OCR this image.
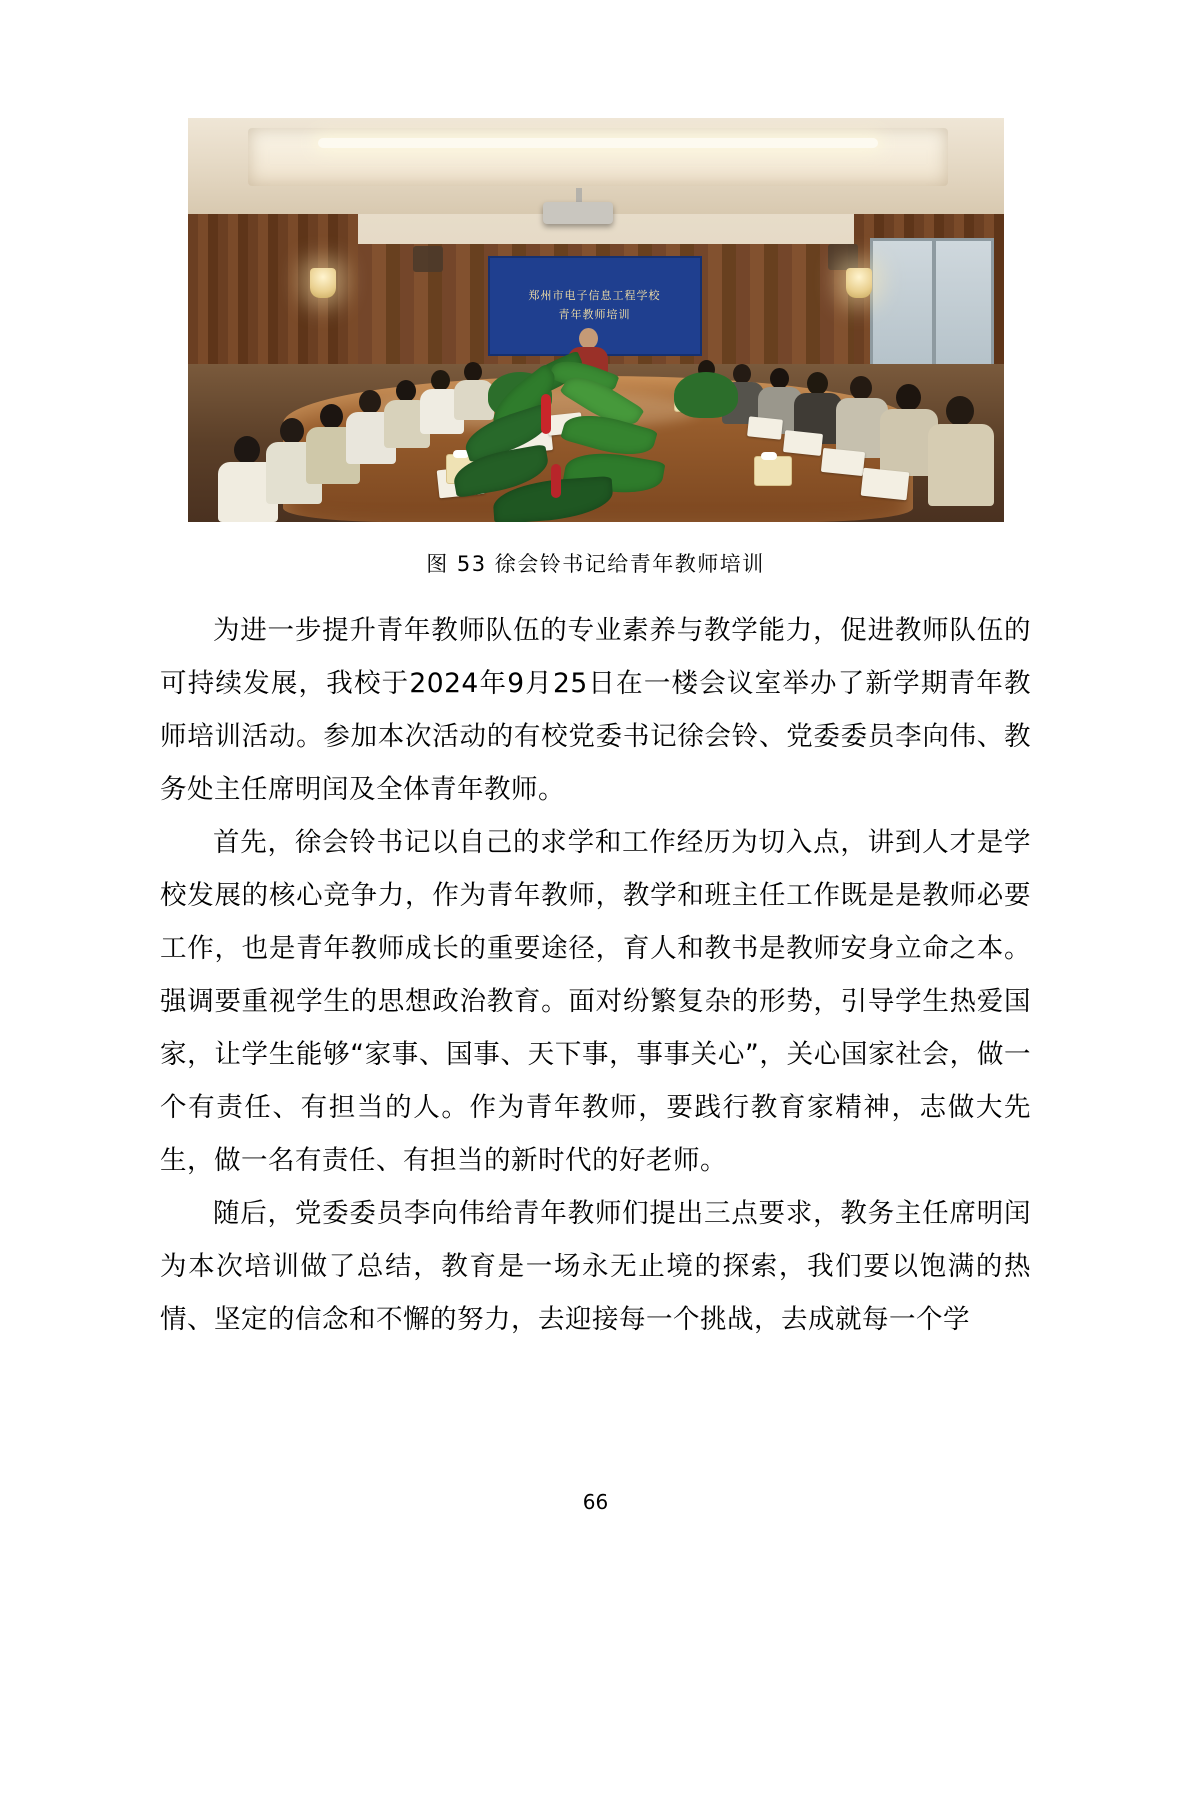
郑州市电子信息工程学校
青年教师培训
图 53 徐会铃书记给青年教师培训

为进一步提升青年教师队伍的专业素养与教学能力，促进教师队伍的可持续发展，我校于2024年9月25日在一楼会议室举办了新学期青年教师培训活动。参加本次活动的有校党委书记徐会铃、党委委员李向伟、教务处主任席明闰及全体青年教师。

首先，徐会铃书记以自己的求学和工作经历为切入点，讲到人才是学校发展的核心竞争力，作为青年教师，教学和班主任工作既是是教师必要工作，也是青年教师成长的重要途径，育人和教书是教师安身立命之本。强调要重视学生的思想政治教育。面对纷繁复杂的形势，引导学生热爱国家，让学生能够“家事、国事、天下事，事事关心”，关心国家社会，做一个有责任、有担当的人。作为青年教师，要践行教育家精神，志做大先生，做一名有责任、有担当的新时代的好老师。

随后，党委委员李向伟给青年教师们提出三点要求，教务主任席明闰为本次培训做了总结，教育是一场永无止境的探索，我们要以饱满的热情、坚定的信念和不懈的努力，去迎接每一个挑战，去成就每一个学

66
